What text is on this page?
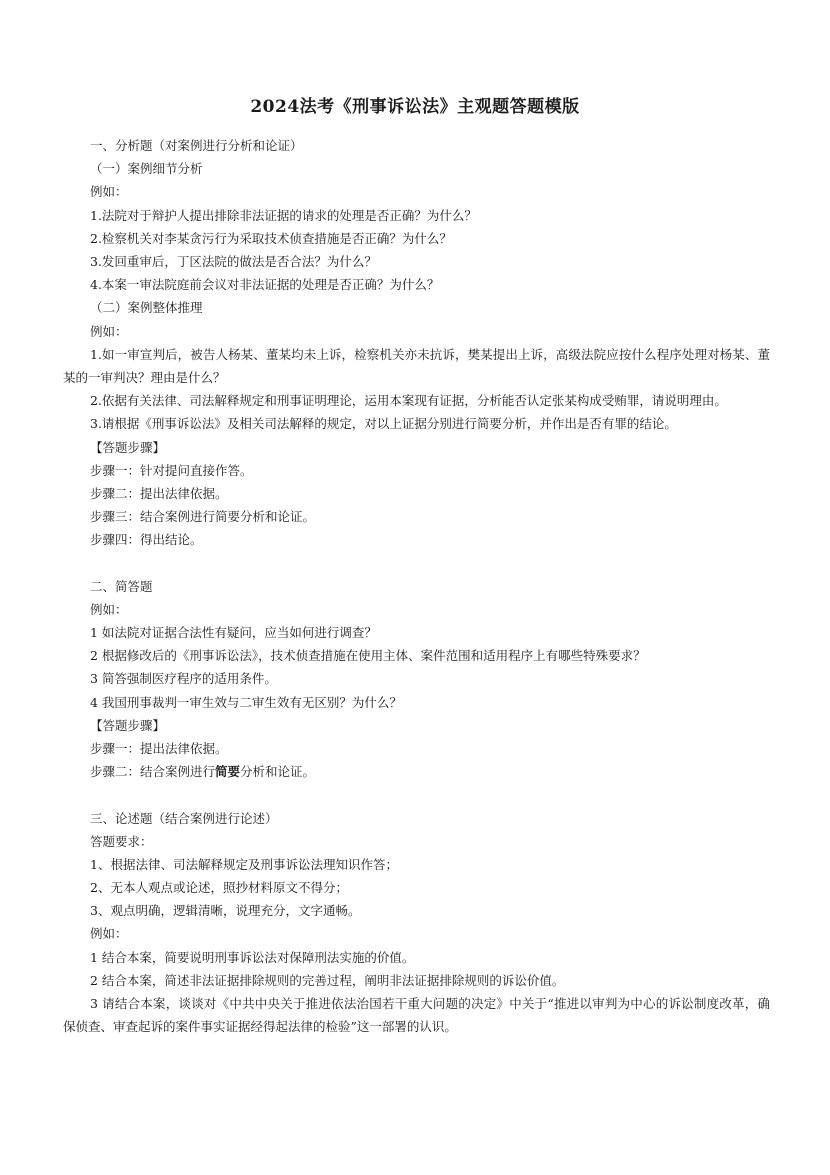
2024法考《刑事诉讼法》主观题答题模版
一、分析题（对案例进行分析和论证）
（一）案例细节分析
例如：
1.法院对于辩护人提出排除非法证据的请求的处理是否正确？为什么？
2.检察机关对李某贪污行为采取技术侦查措施是否正确？为什么？
3.发回重审后，丁区法院的做法是否合法？为什么？
4.本案一审法院庭前会议对非法证据的处理是否正确？为什么？
（二）案例整体推理
例如：
1.如一审宣判后，被告人杨某、董某均未上诉，检察机关亦未抗诉，樊某提出上诉，高级法院应按什么程序处理对杨某、董某的一审判决？理由是什么？
2.依据有关法律、司法解释规定和刑事证明理论，运用本案现有证据，分析能否认定张某构成受贿罪，请说明理由。
3.请根据《刑事诉讼法》及相关司法解释的规定，对以上证据分别进行简要分析，并作出是否有罪的结论。
【答题步骤】
步骤一：针对提问直接作答。
步骤二：提出法律依据。
步骤三：结合案例进行简要分析和论证。
步骤四：得出结论。
二、简答题
例如：
1 如法院对证据合法性有疑问，应当如何进行调查？
2 根据修改后的《刑事诉讼法》，技术侦查措施在使用主体、案件范围和适用程序上有哪些特殊要求？
3 简答强制医疗程序的适用条件。
4 我国刑事裁判一审生效与二审生效有无区别？为什么？
【答题步骤】
步骤一：提出法律依据。
步骤二：结合案例进行简要分析和论证。
三、论述题（结合案例进行论述）
答题要求：
1、根据法律、司法解释规定及刑事诉讼法理知识作答；
2、无本人观点或论述，照抄材料原文不得分；
3、观点明确，逻辑清晰，说理充分，文字通畅。
例如：
1 结合本案，简要说明刑事诉讼法对保障刑法实施的价值。
2 结合本案，简述非法证据排除规则的完善过程，阐明非法证据排除规则的诉讼价值。
3 请结合本案，谈谈对《中共中央关于推进依法治国若干重大问题的决定》中关于“推进以审判为中心的诉讼制度改革，确保侦查、审查起诉的案件事实证据经得起法律的检验”这一部署的认识。
